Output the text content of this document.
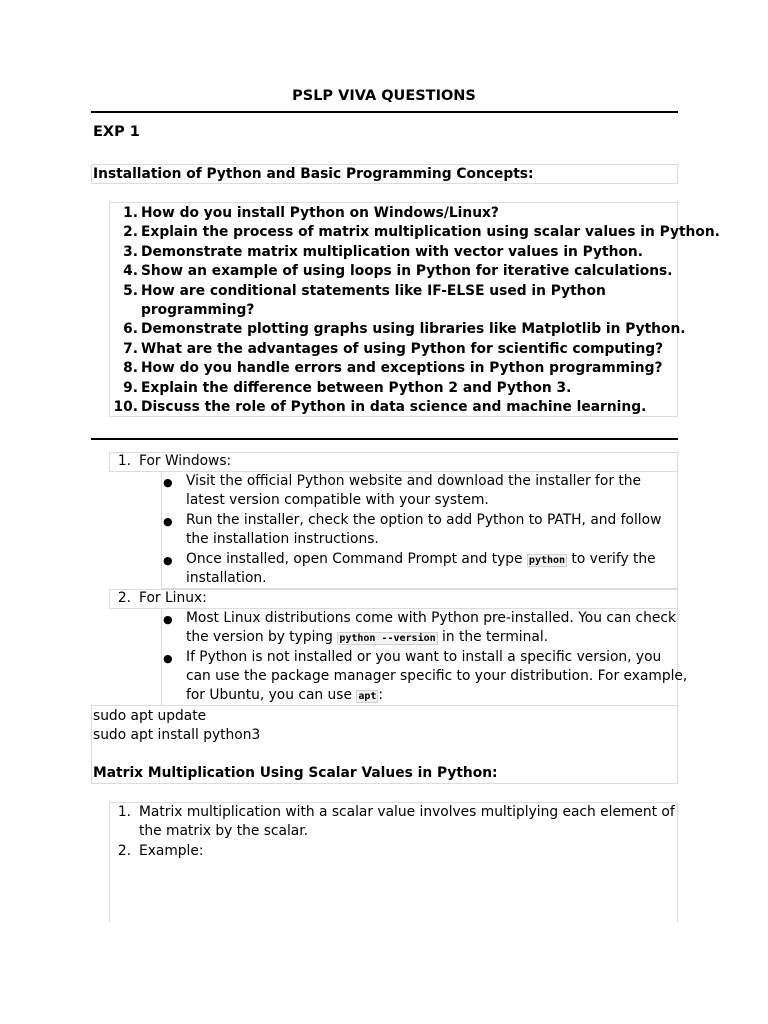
PSLP VIVA QUESTIONS
EXP 1
Installation of Python and Basic Programming Concepts:
1. How do you install Python on Windows/Linux?
2. Explain the process of matrix multiplication using scalar values in Python.
3. Demonstrate matrix multiplication with vector values in Python.
4. Show an example of using loops in Python for iterative calculations.
5. How are conditional statements like IF-ELSE used in Python
programming?
6. Demonstrate plotting graphs using libraries like Matplotlib in Python.
7. What are the advantages of using Python for scientific computing?
8. How do you handle errors and exceptions in Python programming?
9. Explain the difference between Python 2 and Python 3.
10. Discuss the role of Python in data science and machine learning.
1. For Windows:
● Visit the official Python website and download the installer for the
latest version compatible with your system.
● Run the installer, check the option to add Python to PATH, and follow
the installation instructions.
● Once installed, open Command Prompt and type python to verify the
installation.
2. For Linux:
● Most Linux distributions come with Python pre-installed. You can check
the version by typing python --version in the terminal.
● If Python is not installed or you want to install a specific version, you
can use the package manager specific to your distribution. For example,
for Ubuntu, you can use apt :
sudo apt update
sudo apt install python3
Matrix Multiplication Using Scalar Values in Python:
1. Matrix multiplication with a scalar value involves multiplying each element of
the matrix by the scalar.
2. Example:
